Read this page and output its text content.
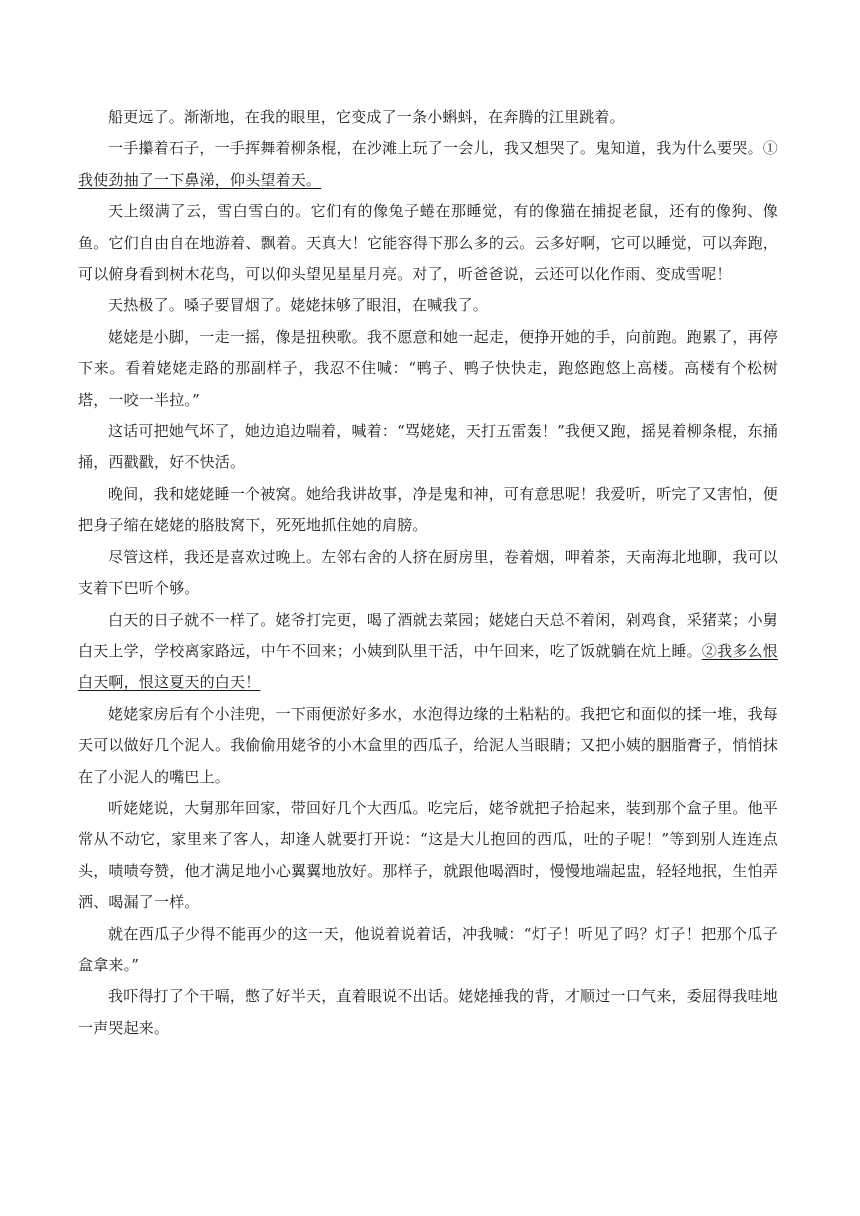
船更远了。渐渐地，在我的眼里，它变成了一条小蝌蚪，在奔腾的江里跳着。

一手攥着石子，一手挥舞着柳条棍，在沙滩上玩了一会儿，我又想哭了。鬼知道，我为什么要哭。①我使劲抽了一下鼻涕，仰头望着天。

天上缀满了云，雪白雪白的。它们有的像兔子蜷在那睡觉，有的像猫在捕捉老鼠，还有的像狗、像鱼。它们自由自在地游着、飘着。天真大！它能容得下那么多的云。云多好啊，它可以睡觉，可以奔跑，可以俯身看到树木花鸟，可以仰头望见星星月亮。对了，听爸爸说，云还可以化作雨、变成雪呢！

天热极了。嗓子要冒烟了。姥姥抹够了眼泪，在喊我了。

姥姥是小脚，一走一摇，像是扭秧歌。我不愿意和她一起走，便挣开她的手，向前跑。跑累了，再停下来。看着姥姥走路的那副样子，我忍不住喊：“鸭子、鸭子快快走，跑悠跑悠上高楼。高楼有个松树塔，一咬一半拉。”

这话可把她气坏了，她边追边喘着，喊着：“骂姥姥，天打五雷轰！”我便又跑，摇晃着柳条棍，东捅捅，西戳戳，好不快活。

晚间，我和姥姥睡一个被窝。她给我讲故事，净是鬼和神，可有意思呢！我爱听，听完了又害怕，便把身子缩在姥姥的胳肢窝下，死死地抓住她的肩膀。

尽管这样，我还是喜欢过晚上。左邻右舍的人挤在厨房里，卷着烟，呷着茶，天南海北地聊，我可以支着下巴听个够。

白天的日子就不一样了。姥爷打完更，喝了酒就去菜园；姥姥白天总不着闲，剁鸡食，采猪菜；小舅白天上学，学校离家路远，中午不回来；小姨到队里干活，中午回来，吃了饭就躺在炕上睡。②我多么恨白天啊，恨这夏天的白天！

姥姥家房后有个小洼兜，一下雨便淤好多水，水泡得边缘的土粘粘的。我把它和面似的揉一堆，我每天可以做好几个泥人。我偷偷用姥爷的小木盒里的西瓜子，给泥人当眼睛；又把小姨的胭脂膏子，悄悄抹在了小泥人的嘴巴上。

听姥姥说，大舅那年回家，带回好几个大西瓜。吃完后，姥爷就把子拾起来，装到那个盒子里。他平常从不动它，家里来了客人，却逢人就要打开说：“这是大儿抱回的西瓜，吐的子呢！”等到别人连连点头，啧啧夸赞，他才满足地小心翼翼地放好。那样子，就跟他喝酒时，慢慢地端起盅，轻轻地抿，生怕弄洒、喝漏了一样。

就在西瓜子少得不能再少的这一天，他说着说着话，冲我喊：“灯子！听见了吗？灯子！把那个瓜子盒拿来。”

我吓得打了个干嗝，憋了好半天，直着眼说不出话。姥姥捶我的背，才顺过一口气来，委屈得我哇地一声哭起来。
